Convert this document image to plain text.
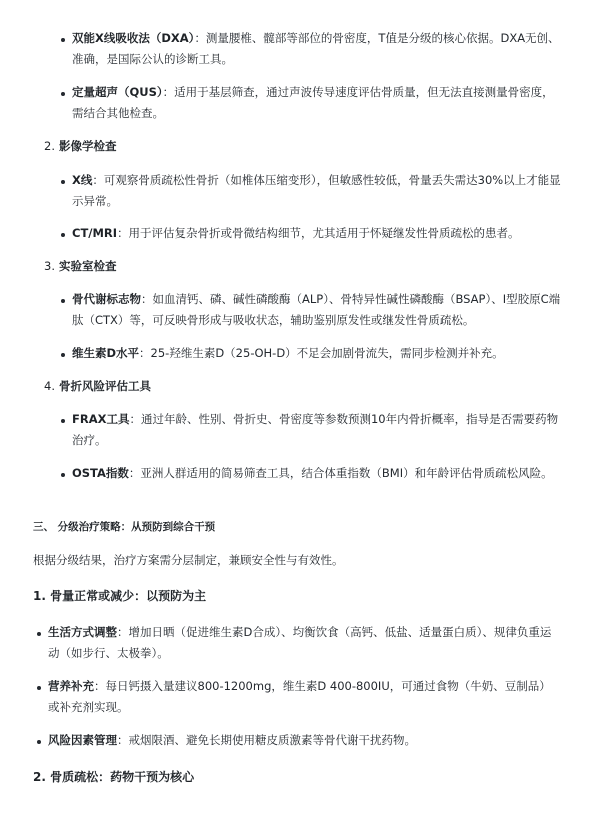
双能X线吸收法（DXA）：测量腰椎、髋部等部位的骨密度，T值是分级的核心依据。DXA无创、准确，是国际公认的诊断工具。
定量超声（QUS）：适用于基层筛查，通过声波传导速度评估骨质量，但无法直接测量骨密度，需结合其他检查。
2. 影像学检查
X线：可观察骨质疏松性骨折（如椎体压缩变形），但敏感性较低，骨量丢失需达30%以上才能显示异常。
CT/MRI：用于评估复杂骨折或骨微结构细节，尤其适用于怀疑继发性骨质疏松的患者。
3. 实验室检查
骨代谢标志物：如血清钙、磷、碱性磷酸酶（ALP）、骨特异性碱性磷酸酶（BSAP）、I型胶原C端肽（CTX）等，可反映骨形成与吸收状态，辅助鉴别原发性或继发性骨质疏松。
维生素D水平：25-羟维生素D（25-OH-D）不足会加剧骨流失，需同步检测并补充。
4. 骨折风险评估工具
FRAX工具：通过年龄、性别、骨折史、骨密度等参数预测10年内骨折概率，指导是否需要药物治疗。
OSTA指数：亚洲人群适用的简易筛查工具，结合体重指数（BMI）和年龄评估骨质疏松风险。
三、 分级治疗策略：从预防到综合干预
根据分级结果，治疗方案需分层制定，兼顾安全性与有效性。
1. 骨量正常或减少：以预防为主
生活方式调整：增加日晒（促进维生素D合成）、均衡饮食（高钙、低盐、适量蛋白质）、规律负重运动（如步行、太极拳）。
营养补充：每日钙摄入量建议800-1200mg，维生素D 400-800IU，可通过食物（牛奶、豆制品）或补充剂实现。
风险因素管理：戒烟限酒、避免长期使用糖皮质激素等骨代谢干扰药物。
2. 骨质疏松：药物干预为核心
